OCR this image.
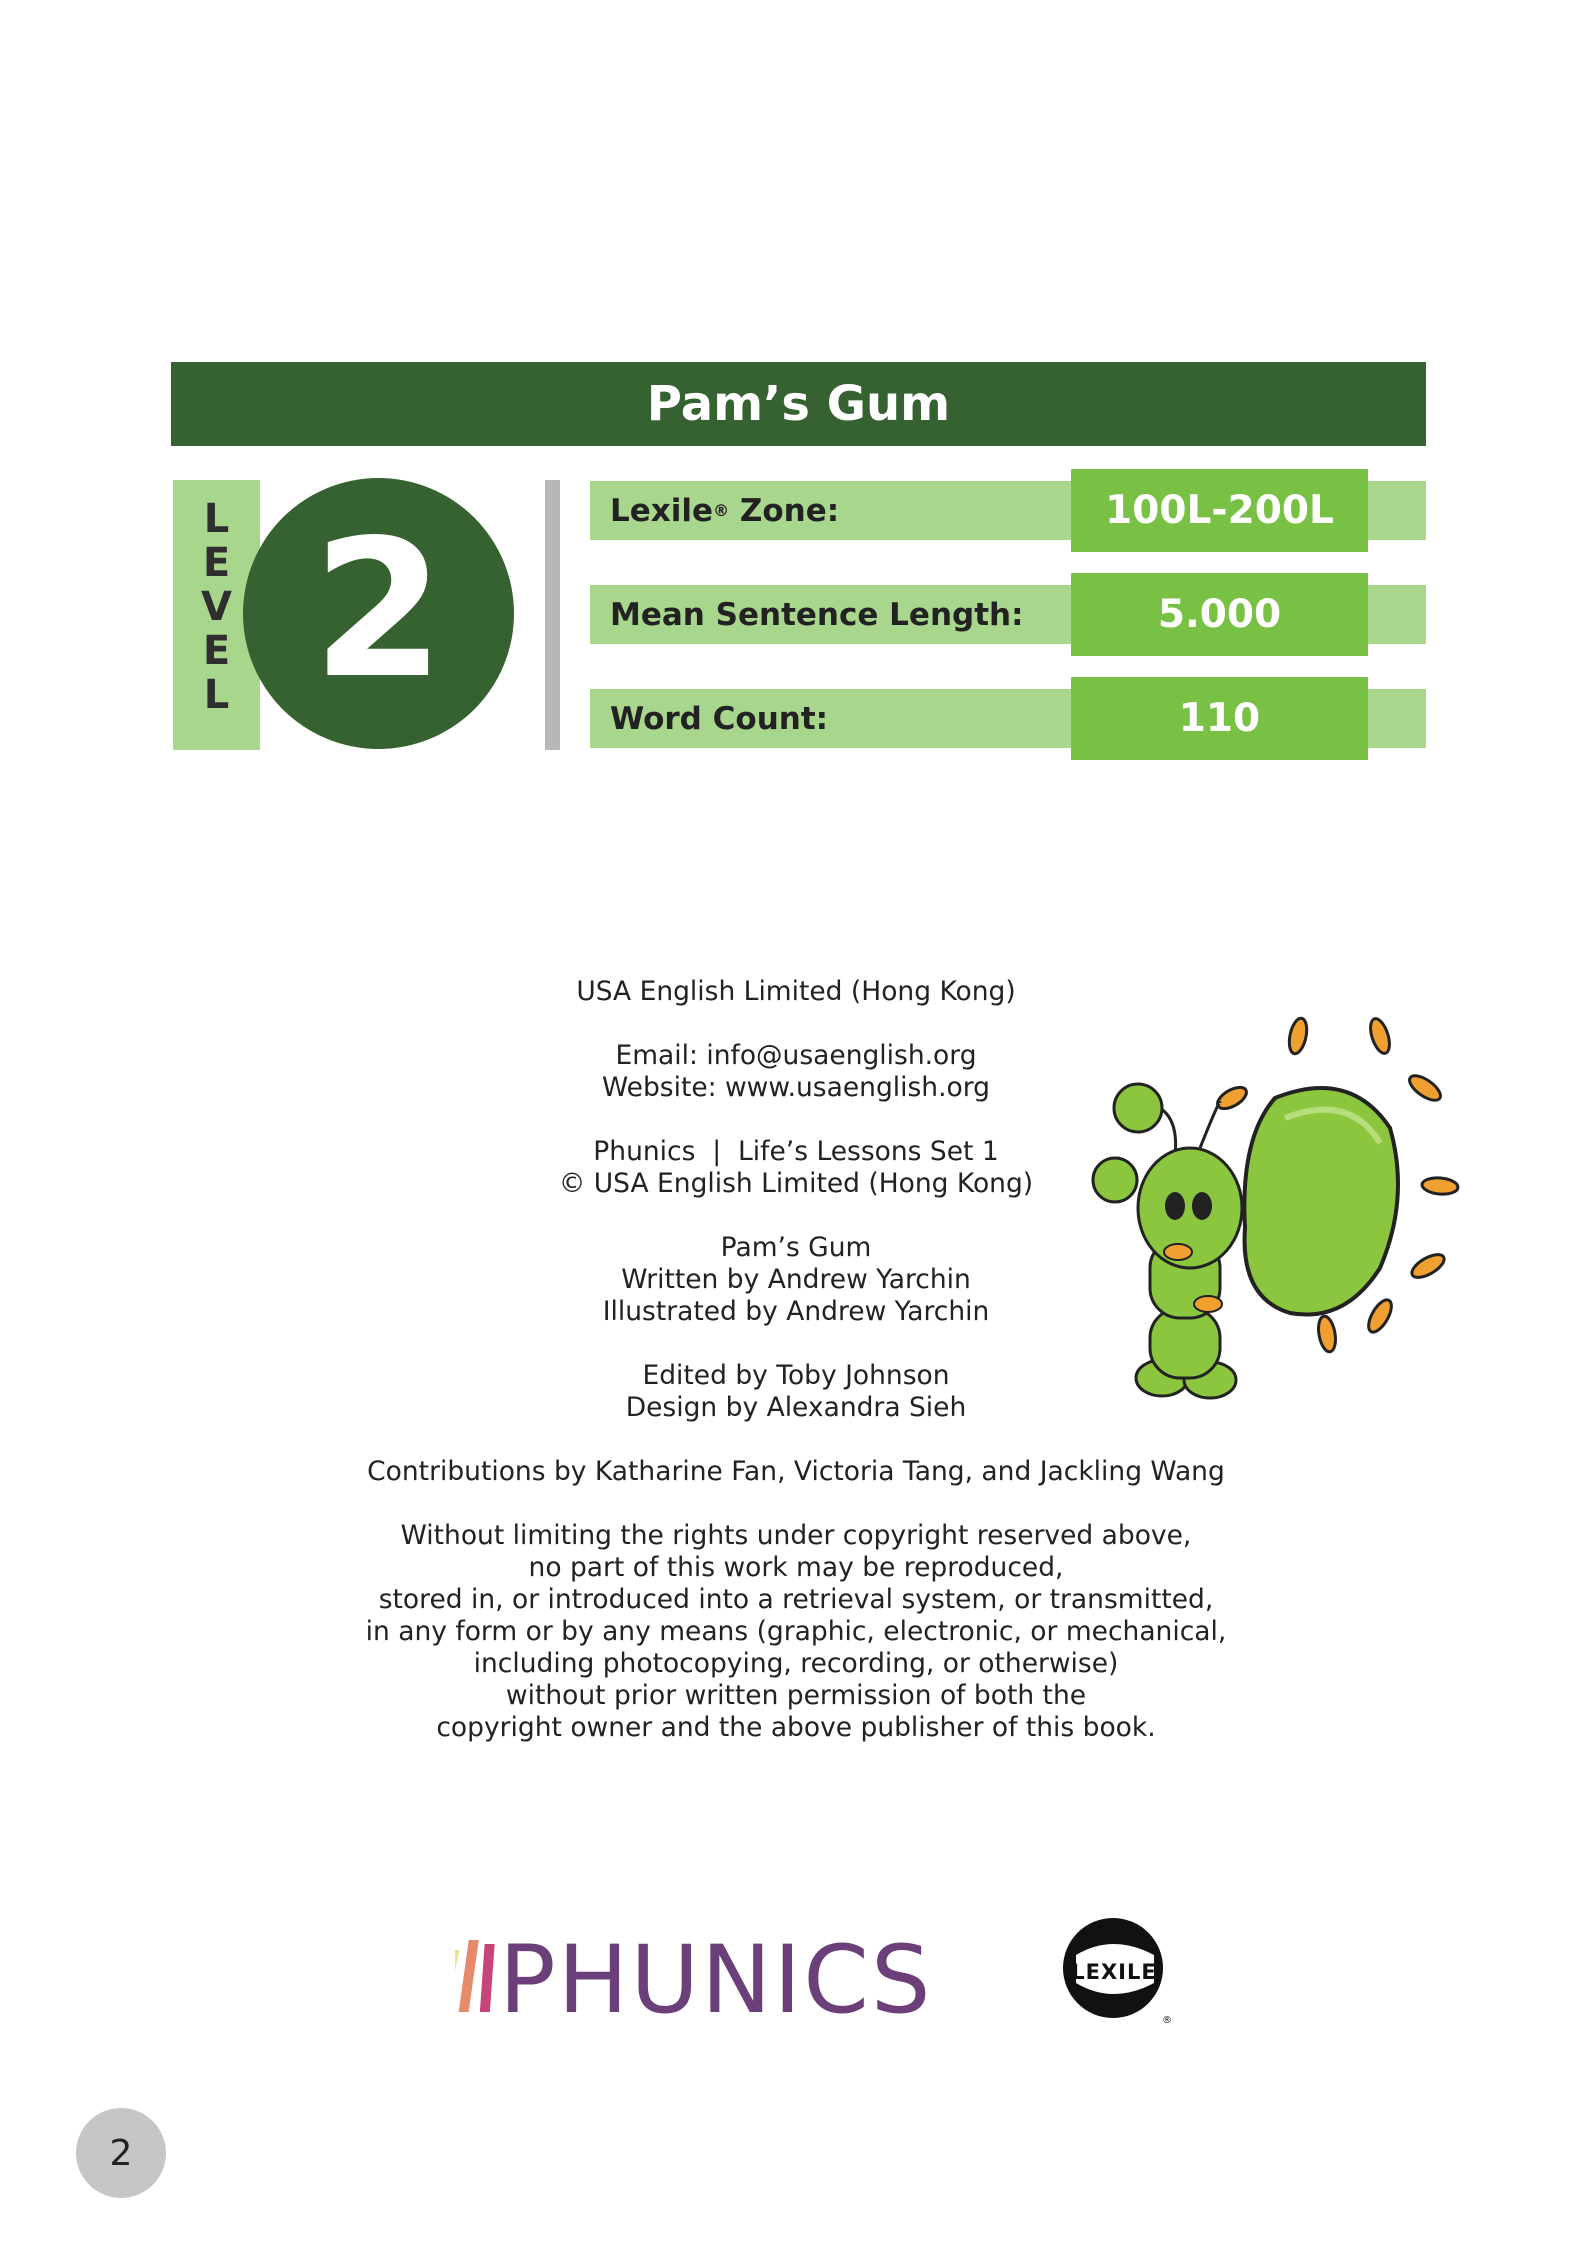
Pam’s Gum
L
E
V
E
L 2	Lexile ® Zone:	100L-200L
Mean Sentence Length:	5.000
Word Count:	110
USA English Limited (Hong Kong)
Email: info@usaenglish.org
Website: www.usaenglish.org
Phunics  |  Life’s Lessons Set 1
© USA English Limited (Hong Kong)
Pam’s Gum
Written by Andrew Yarchin
Illustrated by Andrew Yarchin
Edited by Toby Johnson
Design by Alexandra Sieh
Contributions by Katharine Fan, Victoria Tang, and Jackling Wang
Without limiting the rights under copyright reserved above,
no part of this work may be reproduced,
stored in, or introduced into a retrieval system, or transmitted,
in any form or by any means (graphic, electronic, or mechanical,
including photocopying, recording, or otherwise)
without prior written permission of both the
copyright owner and the above publisher of this book.
PHUNICS	LEXILE
®
2
